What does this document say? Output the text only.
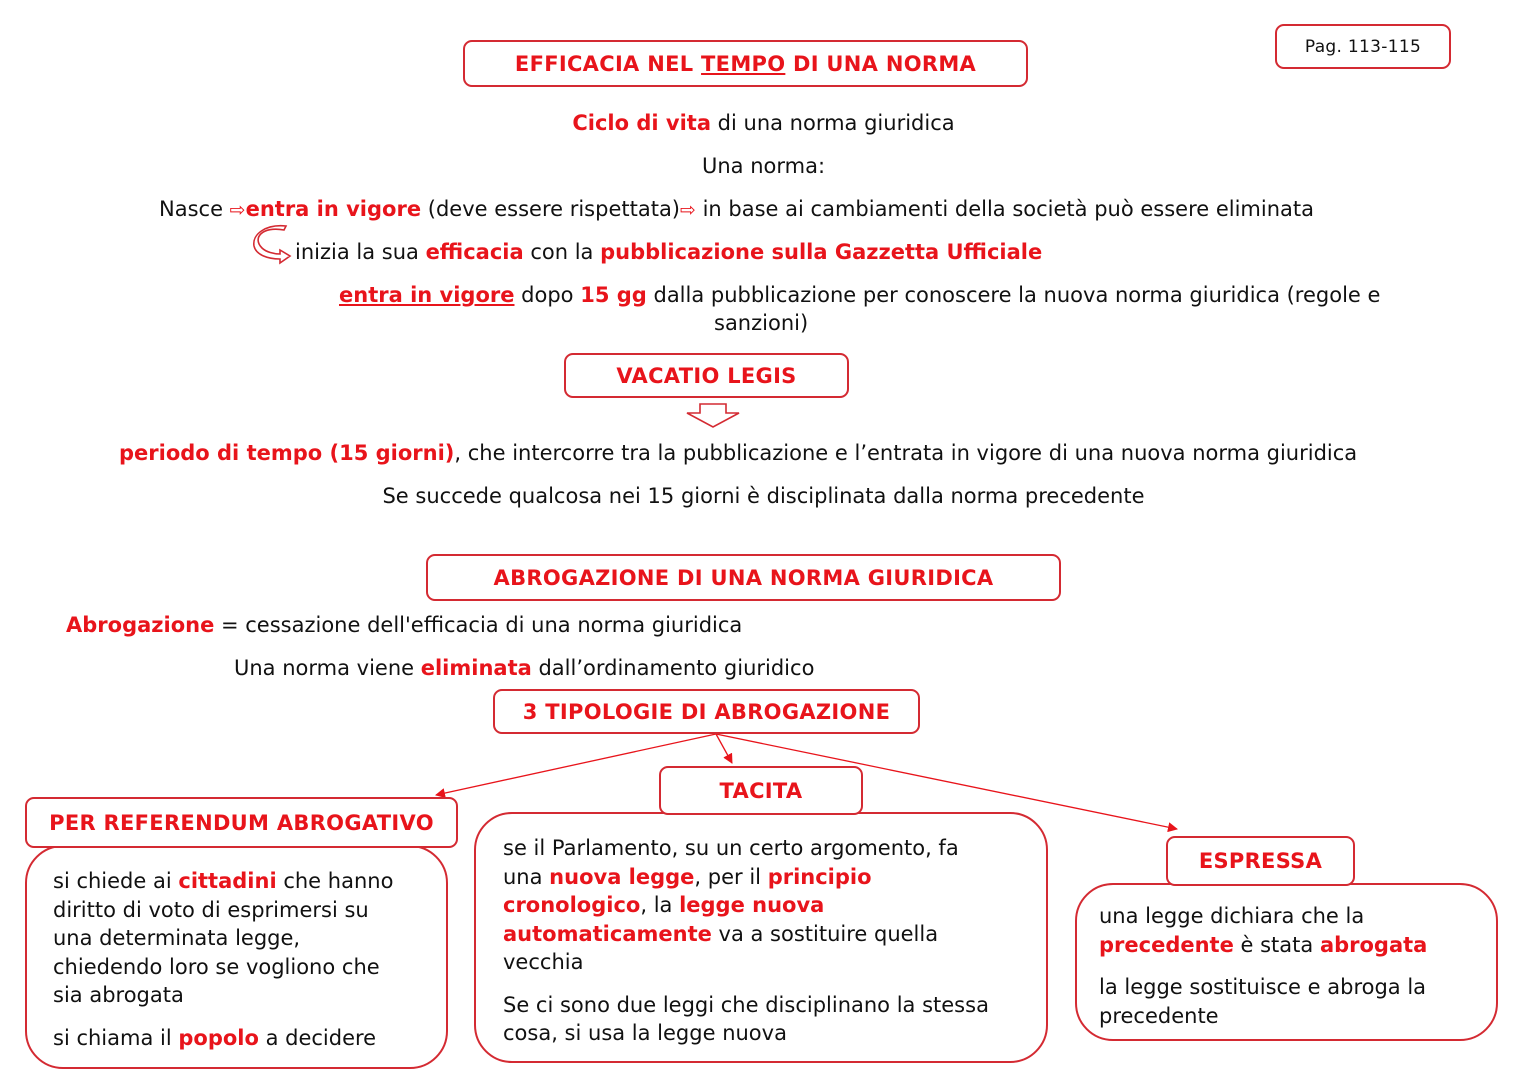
Pag. 113-115
EFFICACIA NEL TEMPO DI UNA NORMA
Ciclo di vita di una norma giuridica
Una norma:
Nasce ⇨entra in vigore (deve essere rispettata)⇨ in base ai cambiamenti della società può essere eliminata
inizia la sua efficacia con la pubblicazione sulla Gazzetta Ufficiale
entra in vigore dopo 15 gg dalla pubblicazione per conoscere la nuova norma giuridica (regole e
sanzioni)
VACATIO LEGIS
periodo di tempo (15 giorni), che intercorre tra la pubblicazione e l’entrata in vigore di una nuova norma giuridica
Se succede qualcosa nei 15 giorni è disciplinata dalla norma precedente
ABROGAZIONE DI UNA NORMA GIURIDICA
Abrogazione = cessazione dell'efficacia di una norma giuridica
Una norma viene eliminata dall’ordinamento giuridico
3 TIPOLOGIE DI ABROGAZIONE

si chiede ai cittadini che hanno
diritto di voto di esprimersi su
una determinata legge,
chiedendo loro se vogliono che
sia abrogata

si chiama il popolo a decidere

PER REFERENDUM ABROGATIVO

se il Parlamento, su un certo argomento, fa
una nuova legge, per il principio
cronologico, la legge nuova
automaticamente va a sostituire quella
vecchia

Se ci sono due leggi che disciplinano la stessa
cosa, si usa la legge nuova

TACITA

una legge dichiara che la
precedente è stata abrogata

la legge sostituisce e abroga la
precedente

ESPRESSA
